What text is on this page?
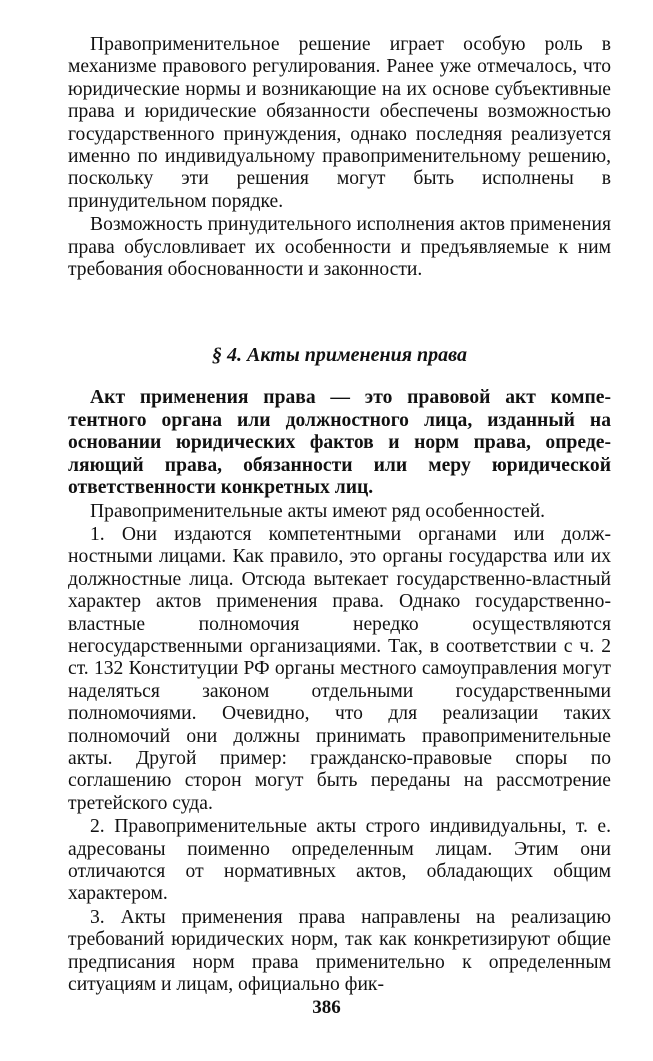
Правоприменительное решение играет особую роль в механизме правового регулирования. Ранее уже отмечалось, что юридические нормы и возникающие на их основе субъективные права и юридические обязанности обеспечены возможностью государственного принуждения, однако последняя реализуется именно по индивидуальному правоприменительному решению, поскольку эти решения могут быть исполнены в принудительном порядке.

Возможность принудительного исполнения актов применения права обусловливает их особенности и предъявляемые к ним требования обоснованности и законности.

§ 4. Акты применения права

Акт применения права — это правовой акт компетентного органа или должностного лица, изданный на основании юридических фактов и норм права, определяющий права, обязанности или меру юридической ответственности конкретных лиц.

Правоприменительные акты имеют ряд особенностей.

1. Они издаются компетентными органами или должностными лицами. Как правило, это органы государства или их должностные лица. Отсюда вытекает государственно-властный характер актов применения права. Однако государственно-властные полномочия нередко осуществляются негосударственными организациями. Так, в соответствии с ч. 2 ст. 132 Конституции РФ органы местного самоуправления могут наделяться законом отдельными государственными полномочиями. Очевидно, что для реализации таких полномочий они должны принимать правоприменительные акты. Другой пример: гражданско-правовые споры по соглашению сторон могут быть переданы на рассмотрение третейского суда.

2. Правоприменительные акты строго индивидуальны, т. е. адресованы поименно определенным лицам. Этим они отличаются от нормативных актов, обладающих общим характером.

3. Акты применения права направлены на реализацию требований юридических норм, так как конкретизируют общие предписания норм права применительно к определенным ситуациям и лицам, официально фик-

386
